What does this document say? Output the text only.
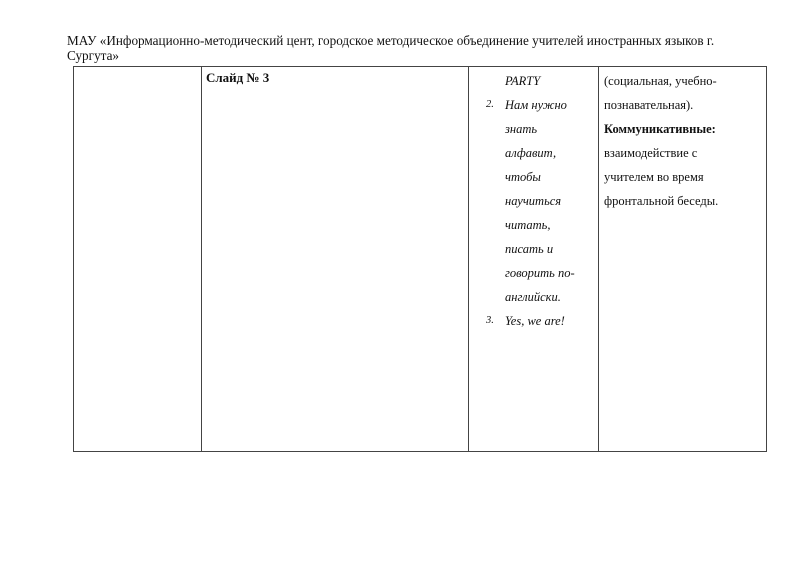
МАУ «Информационно-методический цент, городское методическое объединение учителей иностранных языков г.
Сургута»
Слайд № 3	PARTY
2. Нам нужно
знать
алфавит,
чтобы
научиться
читать,
писать и
говорить по-
английски.
3. Yes, we are!
(социальная, учебно-
познавательная).
Коммуникативные:
взаимодействие с
учителем во время
фронтальной беседы.
